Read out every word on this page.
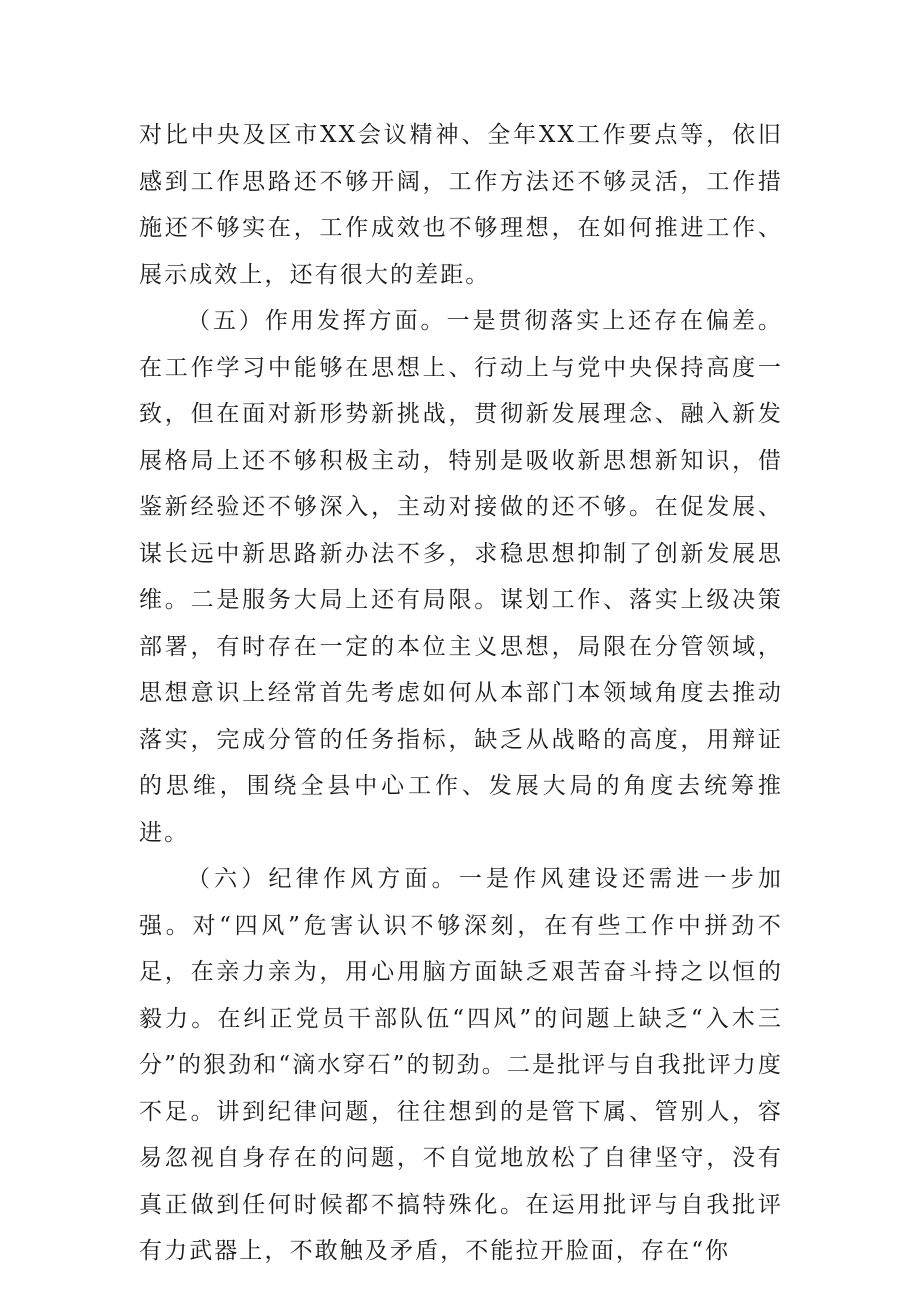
对比中央及区市XX会议精神、全年XX工作要点等，依旧感到工作思路还不够开阔，工作方法还不够灵活，工作措施还不够实在，工作成效也不够理想，在如何推进工作、展示成效上，还有很大的差距。

（五）作用发挥方面。一是贯彻落实上还存在偏差。在工作学习中能够在思想上、行动上与党中央保持高度一致，但在面对新形势新挑战，贯彻新发展理念、融入新发展格局上还不够积极主动，特别是吸收新思想新知识，借鉴新经验还不够深入，主动对接做的还不够。在促发展、谋长远中新思路新办法不多，求稳思想抑制了创新发展思维。二是服务大局上还有局限。谋划工作、落实上级决策部署，有时存在一定的本位主义思想，局限在分管领域，思想意识上经常首先考虑如何从本部门本领域角度去推动落实，完成分管的任务指标，缺乏从战略的高度，用辩证的思维，围绕全县中心工作、发展大局的角度去统筹推进。

（六）纪律作风方面。一是作风建设还需进一步加强。对“四风”危害认识不够深刻，在有些工作中拼劲不足，在亲力亲为，用心用脑方面缺乏艰苦奋斗持之以恒的毅力。在纠正党员干部队伍“四风”的问题上缺乏“入木三分”的狠劲和“滴水穿石”的韧劲。二是批评与自我批评力度不足。讲到纪律问题，往往想到的是管下属、管别人，容易忽视自身存在的问题，不自觉地放松了自律坚守，没有真正做到任何时候都不搞特殊化。在运用批评与自我批评有力武器上，不敢触及矛盾，不能拉开脸面，存在“你
